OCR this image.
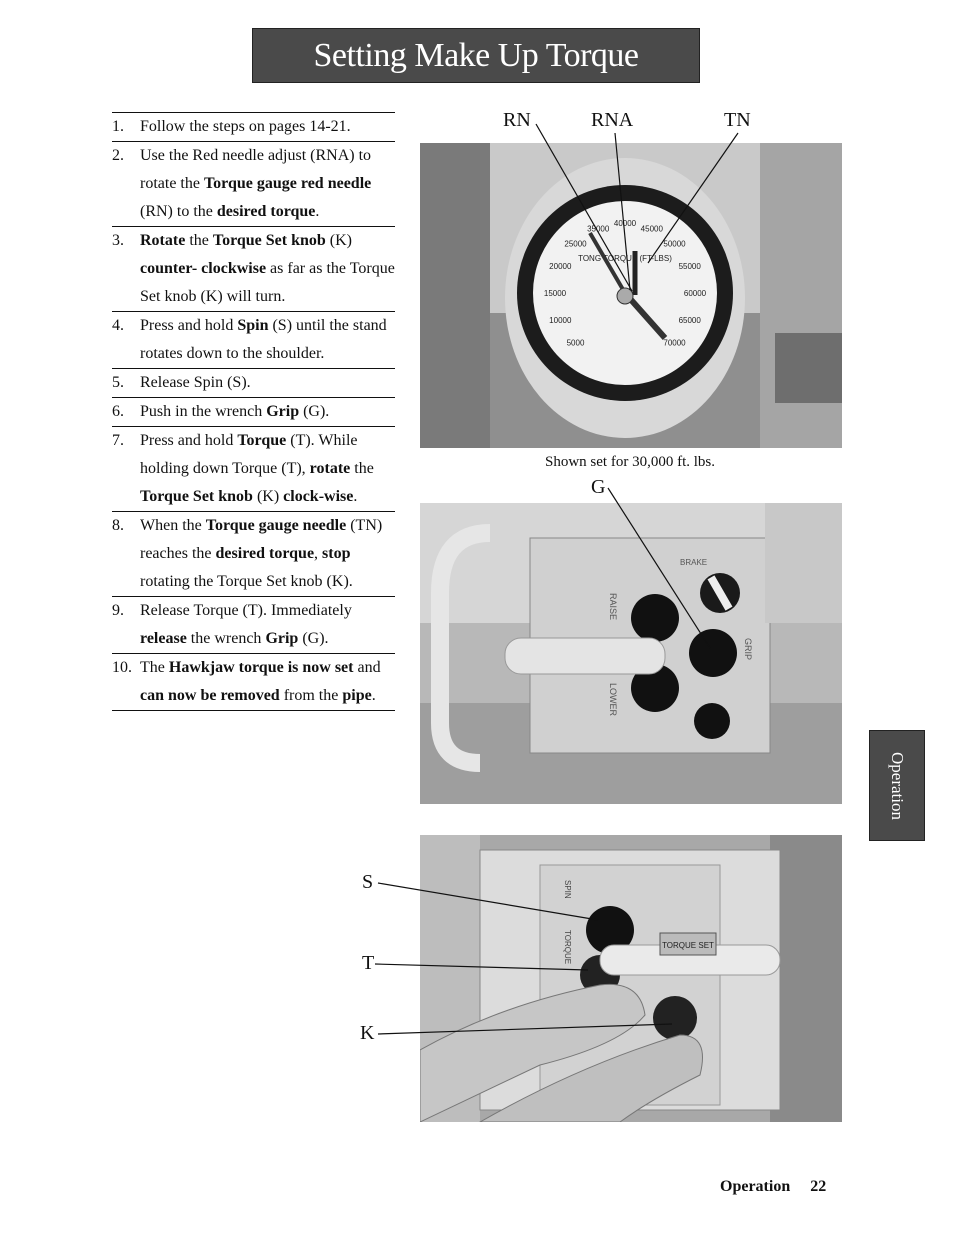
Setting Make Up Torque
1. Follow the steps on pages 14-21.
2. Use the Red needle adjust (RNA) to rotate the Torque gauge red needle (RN) to the desired torque.
3. Rotate the Torque Set knob (K) counter- clockwise as far as the Torque Set knob (K) will turn.
4. Press and hold Spin (S) until the stand rotates down to the shoulder.
5. Release Spin (S).
6. Push in the wrench Grip (G).
7. Press and hold Torque (T). While holding down Torque (T), rotate the Torque Set knob (K) clock-wise.
8. When the Torque gauge needle (TN) reaches the desired torque, stop rotating the Torque Set knob (K).
9. Release Torque (T). Immediately release the wrench Grip (G).
10. The Hawkjaw torque is now set and can now be removed from the pipe.
RN	RNA	TN
5000
10000
15000
20000
25000
35000
40000
45000
50000
55000
60000
65000
70000
TONG TORQUE (FT-LBS)
Shown set for 30,000 ft. lbs.
G
RAISE
LOWER
GRIP
BRAKE
S
T
K
TORQUE SET
SPIN
TORQUE
Operation
Operation 22
